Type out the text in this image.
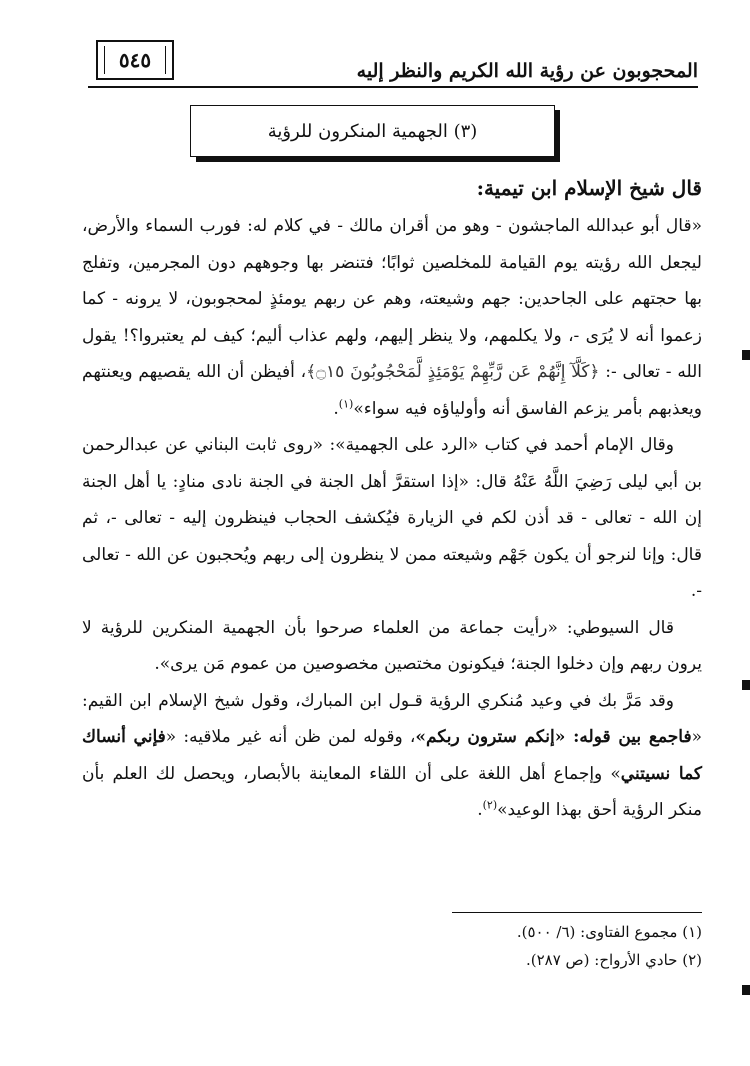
المحجوبون عن رؤية الله الكريم والنظر إليه
٥٤٥
(٣) الجهمية المنكرون للرؤية

قال شيخ الإسلام ابن تيمية:

«قال أبو عبدالله الماجشون - وهو من أقران مالك - في كلام له: فورب السماء والأرض، ليجعل الله رؤيته يوم القيامة للمخلصين ثوابًا؛ فتنضر بها وجوههم دون المجرمين، وتفلج بها حجتهم على الجاحدين: جهم وشيعته، وهم عن ربهم يومئذٍ لمحجوبون، لا يرونه - كما زعموا أنه لا يُرَى -، ولا يكلمهم، ولا ينظر إليهم، ولهم عذاب أليم؛ كيف لم يعتبروا؟! يقول الله - تعالى -: ﴿كَلَّآ إِنَّهُمْ عَن رَّبِّهِمْ يَوْمَئِذٍ لَّمَحْجُوبُونَ ۝١٥﴾، أفيظن أن الله يقصيهم ويعنتهم ويعذبهم بأمر يزعم الفاسق أنه وأولياؤه فيه سواء»$^{(١)}$.

وقال الإمام أحمد في كتاب «الرد على الجهمية»: «روى ثابت البناني عن عبدالرحمن بن أبي ليلى رَضِيَ اللَّهُ عَنْهُ قال: «إذا استقرَّ أهل الجنة في الجنة نادى منادٍ: يا أهل الجنة إن الله - تعالى - قد أذن لكم في الزيارة فيُكشف الحجاب فينظرون إليه - تعالى -، ثم قال: وإنا لنرجو أن يكون جَهْم وشيعته ممن لا ينظرون إلى ربهم ويُحجبون عن الله - تعالى -.

قال السيوطي: «رأيت جماعة من العلماء صرحوا بأن الجهمية المنكرين للرؤية لا يرون ربهم وإن دخلوا الجنة؛ فيكونون مختصين مخصوصين من عموم مَن يرى».

وقد مَرَّ بك في وعيد مُنكري الرؤية قـول ابن المبارك، وقول شيخ الإسلام ابن القيم: «فاجمع بين قوله: «إنكم سترون ربكم»، وقوله لمن ظن أنه غير ملاقيه: «فإني أنساك كما نسيتني» وإجماع أهل اللغة على أن اللقاء المعاينة بالأبصار، ويحصل لك العلم بأن منكر الرؤية أحق بهذا الوعيد»$^{(٢)}$.

(١) مجموع الفتاوى: (٦/ ٥٠٠).

(٢) حادي الأرواح: (ص ٢٨٧).
